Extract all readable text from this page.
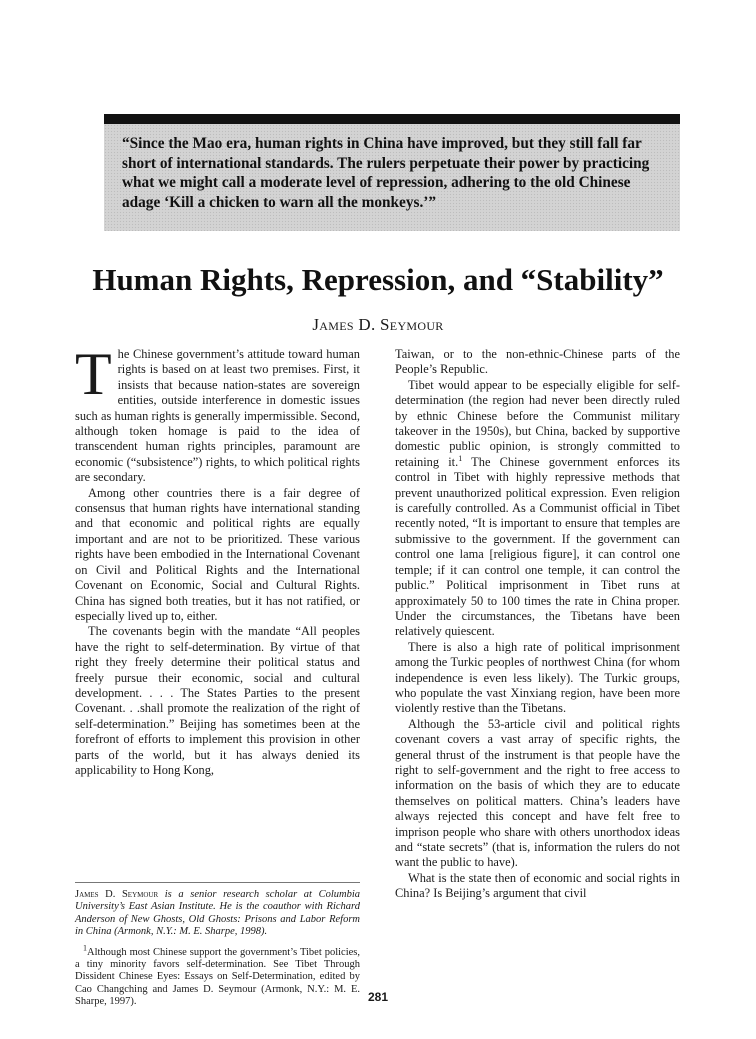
“Since the Mao era, human rights in China have improved, but they still fall far short of international standards. The rulers perpetuate their power by practicing what we might call a moderate level of repression, adhering to the old Chinese adage ‘Kill a chicken to warn all the monkeys.’”

Human Rights, Repression, and “Stability”
James D. Seymour

The Chinese government’s attitude toward human rights is based on at least two premises. First, it insists that because nation-states are sovereign entities, outside interference in domestic issues such as human rights is generally impermissible. Second, although token homage is paid to the idea of transcendent human rights principles, paramount are economic (“subsistence”) rights, to which political rights are secondary.

Among other countries there is a fair degree of consensus that human rights have international standing and that economic and political rights are equally important and are not to be prioritized. These various rights have been embodied in the International Covenant on Civil and Political Rights and the International Covenant on Economic, Social and Cultural Rights. China has signed both treaties, but it has not ratified, or especially lived up to, either.

The covenants begin with the mandate “All peoples have the right to self-determination. By virtue of that right they freely determine their political status and freely pursue their economic, social and cultural development. . . . The States Parties to the present Covenant. . .shall promote the realization of the right of self-determination.” Beijing has sometimes been at the forefront of efforts to implement this provision in other parts of the world, but it has always denied its applicability to Hong Kong,

James D. Seymour is a senior research scholar at Columbia University’s East Asian Institute. He is the coauthor with Richard Anderson of New Ghosts, Old Ghosts: Prisons and Labor Reform in China (Armonk, N.Y.: M. E. Sharpe, 1998).

$^1$Although most Chinese support the government’s Tibet policies, a tiny minority favors self-determination. See Tibet Through Dissident Chinese Eyes: Essays on Self-Determination, edited by Cao Changching and James D. Seymour (Armonk, N.Y.: M. E. Sharpe, 1997).

Taiwan, or to the non-ethnic-Chinese parts of the People’s Republic.

Tibet would appear to be especially eligible for self-determination (the region had never been directly ruled by ethnic Chinese before the Communist military takeover in the 1950s), but China, backed by supportive domestic public opinion, is strongly committed to retaining it.$^1$ The Chinese government enforces its control in Tibet with highly repressive methods that prevent unauthorized political expression. Even religion is carefully controlled. As a Communist official in Tibet recently noted, “It is important to ensure that temples are submissive to the government. If the government can control one lama [religious figure], it can control one temple; if it can control one temple, it can control the public.” Political imprisonment in Tibet runs at approximately 50 to 100 times the rate in China proper. Under the circumstances, the Tibetans have been relatively quiescent.

There is also a high rate of political imprisonment among the Turkic peoples of northwest China (for whom independence is even less likely). The Turkic groups, who populate the vast Xinxiang region, have been more violently restive than the Tibetans.

Although the 53-article civil and political rights covenant covers a vast array of specific rights, the general thrust of the instrument is that people have the right to self-government and the right to free access to information on the basis of which they are to educate themselves on political matters. China’s leaders have always rejected this concept and have felt free to imprison people who share with others unorthodox ideas and “state secrets” (that is, information the rulers do not want the public to have).

What is the state then of economic and social rights in China? Is Beijing’s argument that civil

281
